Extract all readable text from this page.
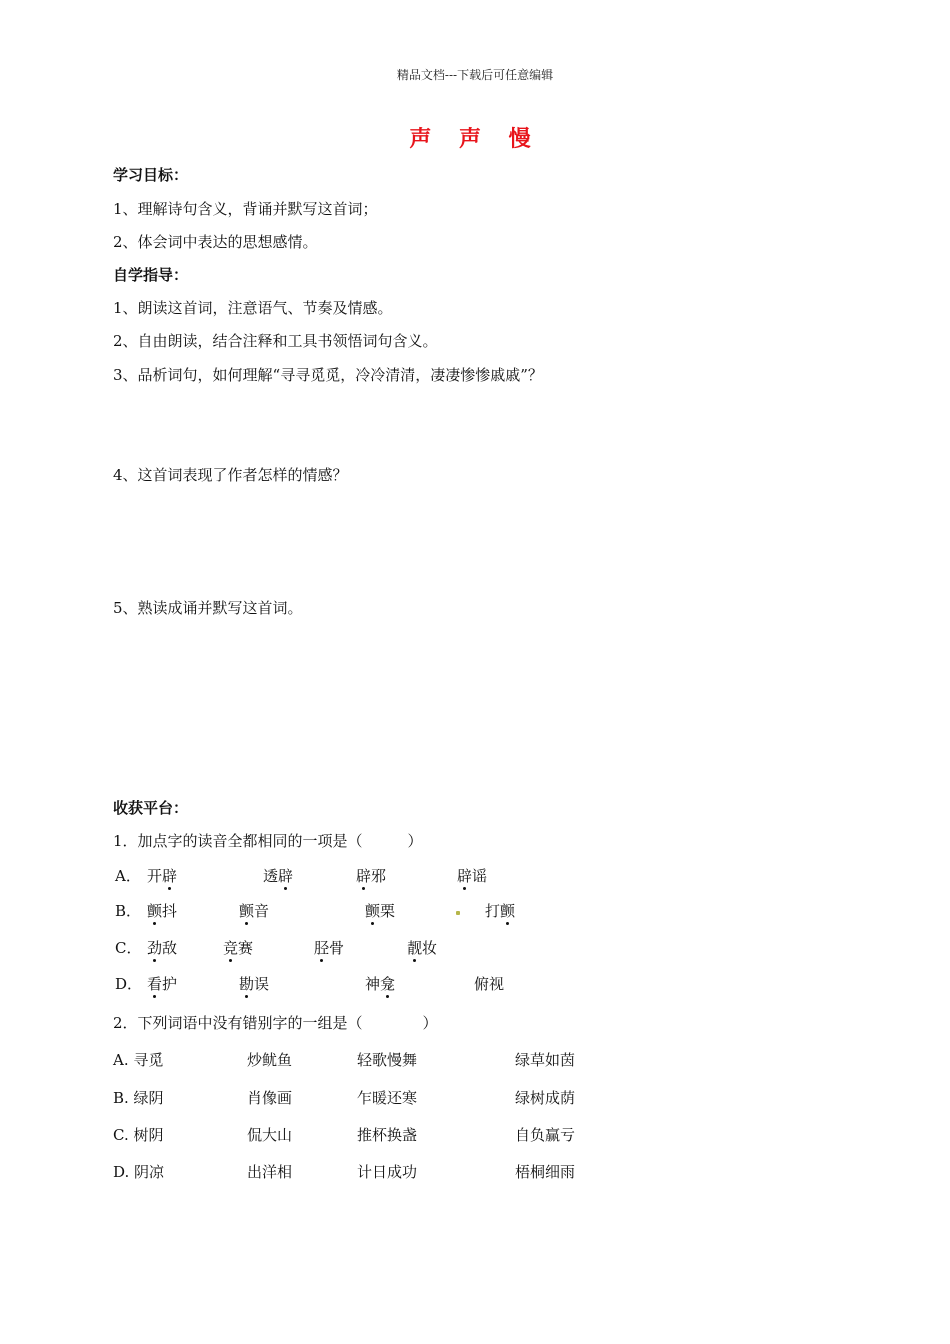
精品文档---下载后可任意编辑
声 声 慢
学习目标：
1、理解诗句含义，背诵并默写这首词；
2、体会词中表达的思想感情。
自学指导：
1、朗读这首词，注意语气、节奏及情感。
2、自由朗读，结合注释和工具书领悟词句含义。
3、品析词句，如何理解“寻寻觅觅，冷冷清清，凄凄惨惨戚戚”？
4、这首词表现了作者怎样的情感？
5、熟读成诵并默写这首词。
收获平台：
1．加点字的读音全都相同的一项是（　　　）
A． 开辟	透辟	辟邪	辟谣
B． 颤抖	颤音	颤栗	打颤
C． 劲敌	竞赛	胫骨	靓妆
D． 看护	勘误	神龛	俯视
2．下列词语中没有错别字的一组是（　　　　）
A. 寻觅	炒鱿鱼	轻歌慢舞	绿草如茵
B. 绿阴	肖像画	乍暖还寒	绿树成荫
C. 树阴	侃大山	推杯换盏	自负赢亏
D. 阴凉	出洋相	计日成功	梧桐细雨
